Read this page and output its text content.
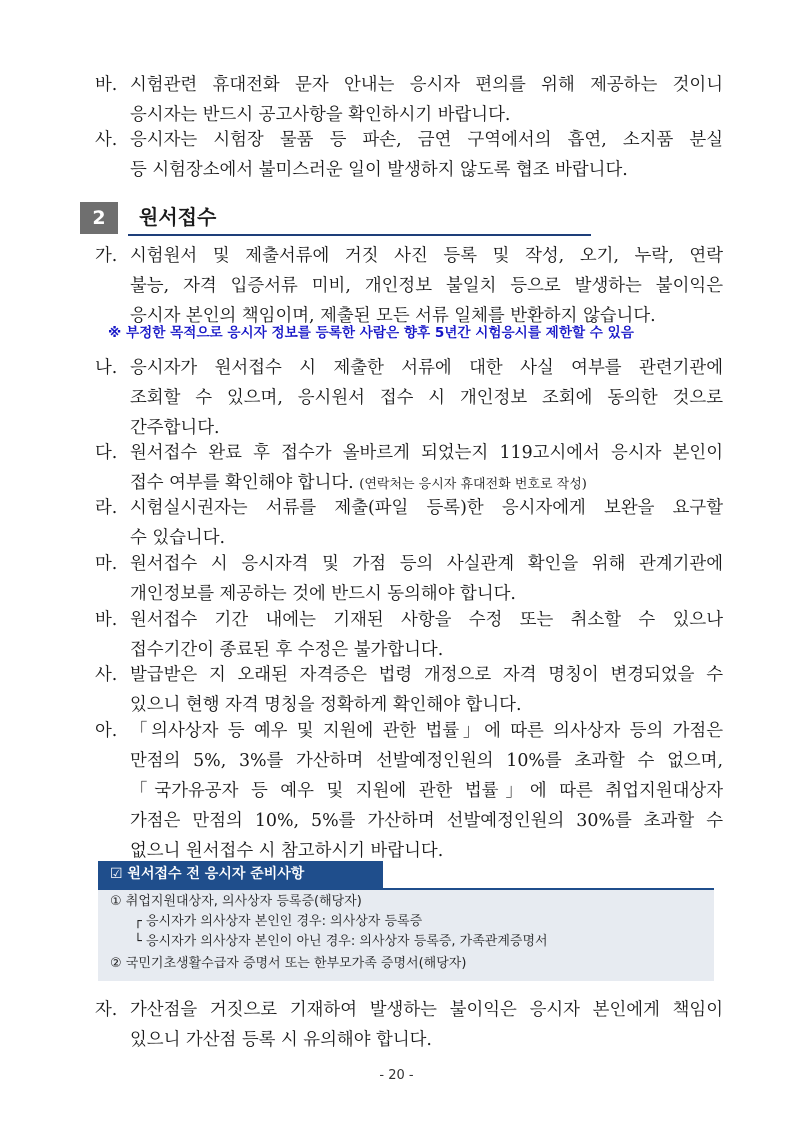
바. 시험관련 휴대전화 문자 안내는 응시자 편의를 위해 제공하는 것이니
응시자는 반드시 공고사항을 확인하시기 바랍니다.
사. 응시자는 시험장 물품 등 파손, 금연 구역에서의 흡연, 소지품 분실
등 시험장소에서 불미스러운 일이 발생하지 않도록 협조 바랍니다.
2	원서접수
가. 시험원서 및 제출서류에 거짓 사진 등록 및 작성, 오기, 누락, 연락
불능, 자격 입증서류 미비, 개인정보 불일치 등으로 발생하는 불이익은
응시자 본인의 책임이며, 제출된 모든 서류 일체를 반환하지 않습니다.
※ 부정한 목적으로 응시자 정보를 등록한 사람은 향후 5년간 시험응시를 제한할 수 있음
나. 응시자가 원서접수 시 제출한 서류에 대한 사실 여부를 관련기관에
조회할 수 있으며, 응시원서 접수 시 개인정보 조회에 동의한 것으로
간주합니다.
다. 원서접수 완료 후 접수가 올바르게 되었는지 119고시에서 응시자 본인이
접수 여부를 확인해야 합니다. (연락처는 응시자 휴대전화 번호로 작성)
라. 시험실시권자는 서류를 제출(파일 등록)한 응시자에게 보완을 요구할
수 있습니다.
마. 원서접수 시 응시자격 및 가점 등의 사실관계 확인을 위해 관계기관에
개인정보를 제공하는 것에 반드시 동의해야 합니다.
바. 원서접수 기간 내에는 기재된 사항을 수정 또는 취소할 수 있으나
접수기간이 종료된 후 수정은 불가합니다.
사. 발급받은 지 오래된 자격증은 법령 개정으로 자격 명칭이 변경되었을 수
있으니 현행 자격 명칭을 정확하게 확인해야 합니다.
아. 「의사상자 등 예우 및 지원에 관한 법률」에 따른 의사상자 등의 가점은
만점의 5%, 3%를 가산하며 선발예정인원의 10%를 초과할 수 없으며,
「국가유공자 등 예우 및 지원에 관한 법률」에 따른 취업지원대상자
가점은 만점의 10%, 5%를 가산하며 선발예정인원의 30%를 초과할 수
없으니 원서접수 시 참고하시기 바랍니다.
☑ 원서접수 전 응시자 준비사항
① 취업지원대상자, 의사상자 등록증(해당자)
┌ 응시자가 의사상자 본인인 경우: 의사상자 등록증
└ 응시자가 의사상자 본인이 아닌 경우: 의사상자 등록증, 가족관계증명서
② 국민기초생활수급자 증명서 또는 한부모가족 증명서(해당자)
자. 가산점을 거짓으로 기재하여 발생하는 불이익은 응시자 본인에게 책임이
있으니 가산점 등록 시 유의해야 합니다.
- 20 -
